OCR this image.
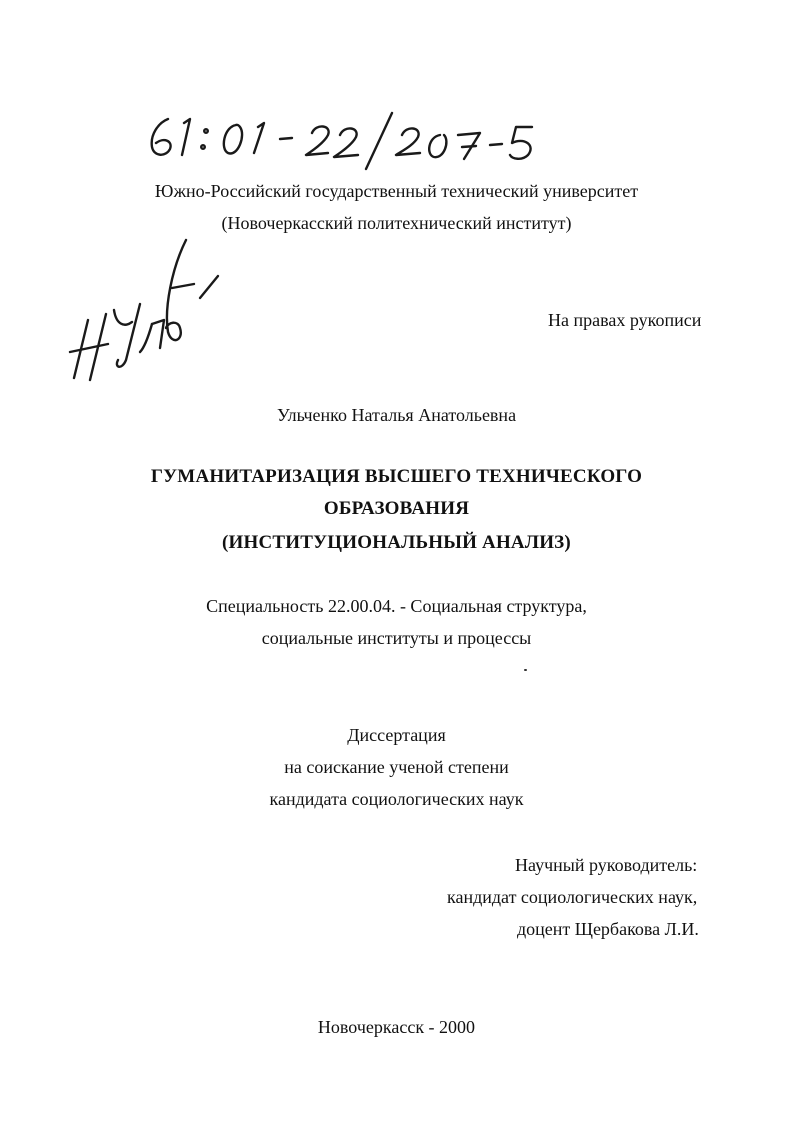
Южно-Российский государственный технический университет
(Новочеркасский политехнический институт)
На правах рукописи
Ульченко Наталья Анатольевна
ГУМАНИТАРИЗАЦИЯ ВЫСШЕГО ТЕХНИЧЕСКОГО
ОБРАЗОВАНИЯ
(ИНСТИТУЦИОНАЛЬНЫЙ АНАЛИЗ)
Специальность 22.00.04. - Социальная структура,
социальные институты и процессы
Диссертация
на соискание ученой степени
кандидата социологических наук
Научный руководитель:
кандидат социологических наук,
доцент Щербакова Л.И.
Новочеркасск - 2000
